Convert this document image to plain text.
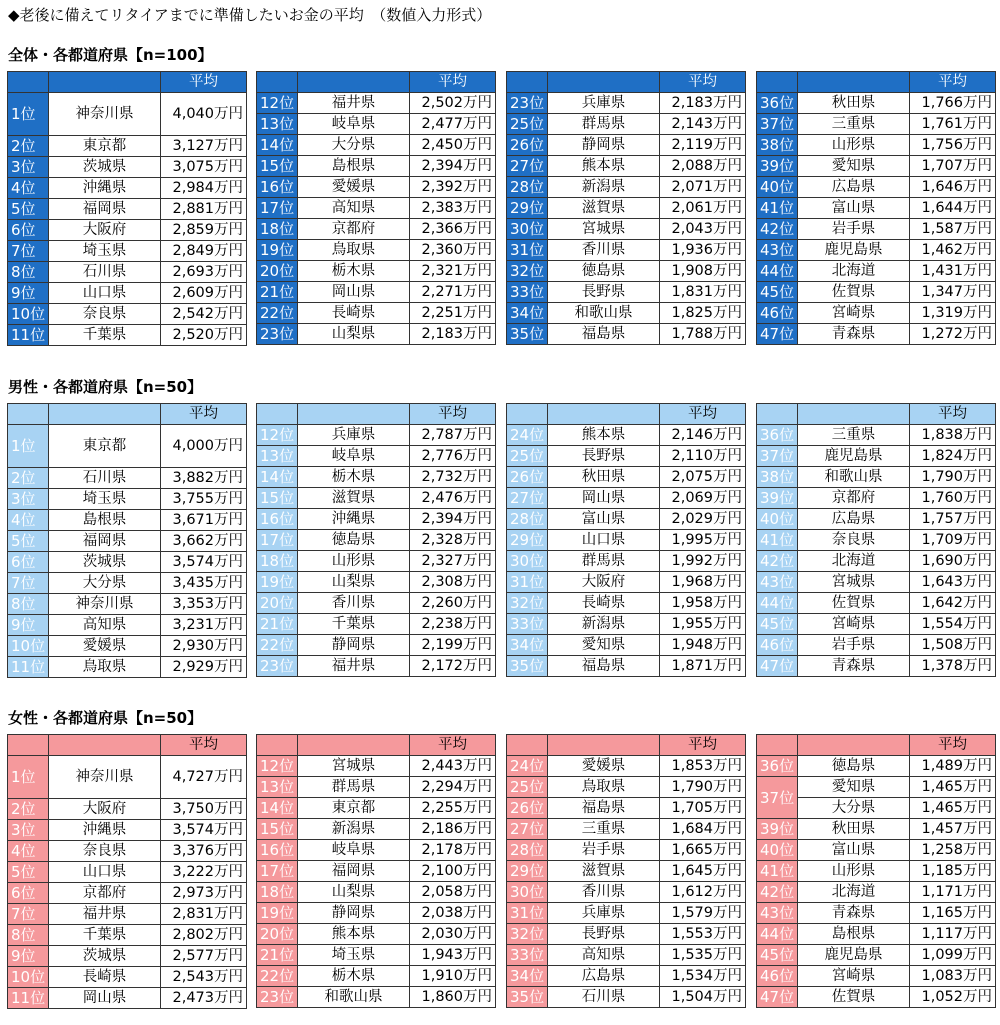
◆老後に備えてリタイアまでに準備したいお金の平均　（数値入力形式）
全体・各都道府県【n=100】
		平均
1位	神奈川県	4,040万円
2位	東京都	3,127万円
3位	茨城県	3,075万円
4位	沖縄県	2,984万円
5位	福岡県	2,881万円
6位	大阪府	2,859万円
7位	埼玉県	2,849万円
8位	石川県	2,693万円
9位	山口県	2,609万円
10位	奈良県	2,542万円
11位	千葉県	2,520万円
		平均
12位	福井県	2,502万円
13位	岐阜県	2,477万円
14位	大分県	2,450万円
15位	島根県	2,394万円
16位	愛媛県	2,392万円
17位	高知県	2,383万円
18位	京都府	2,366万円
19位	鳥取県	2,360万円
20位	栃木県	2,321万円
21位	岡山県	2,271万円
22位	長崎県	2,251万円
23位	山梨県	2,183万円
		平均
23位	兵庫県	2,183万円
25位	群馬県	2,143万円
26位	静岡県	2,119万円
27位	熊本県	2,088万円
28位	新潟県	2,071万円
29位	滋賀県	2,061万円
30位	宮城県	2,043万円
31位	香川県	1,936万円
32位	徳島県	1,908万円
33位	長野県	1,831万円
34位	和歌山県	1,825万円
35位	福島県	1,788万円
		平均
36位	秋田県	1,766万円
37位	三重県	1,761万円
38位	山形県	1,756万円
39位	愛知県	1,707万円
40位	広島県	1,646万円
41位	富山県	1,644万円
42位	岩手県	1,587万円
43位	鹿児島県	1,462万円
44位	北海道	1,431万円
45位	佐賀県	1,347万円
46位	宮崎県	1,319万円
47位	青森県	1,272万円
男性・各都道府県【n=50】
		平均
1位	東京都	4,000万円
2位	石川県	3,882万円
3位	埼玉県	3,755万円
4位	島根県	3,671万円
5位	福岡県	3,662万円
6位	茨城県	3,574万円
7位	大分県	3,435万円
8位	神奈川県	3,353万円
9位	高知県	3,231万円
10位	愛媛県	2,930万円
11位	鳥取県	2,929万円
		平均
12位	兵庫県	2,787万円
13位	岐阜県	2,776万円
14位	栃木県	2,732万円
15位	滋賀県	2,476万円
16位	沖縄県	2,394万円
17位	徳島県	2,328万円
18位	山形県	2,327万円
19位	山梨県	2,308万円
20位	香川県	2,260万円
21位	千葉県	2,238万円
22位	静岡県	2,199万円
23位	福井県	2,172万円
		平均
24位	熊本県	2,146万円
25位	長野県	2,110万円
26位	秋田県	2,075万円
27位	岡山県	2,069万円
28位	富山県	2,029万円
29位	山口県	1,995万円
30位	群馬県	1,992万円
31位	大阪府	1,968万円
32位	長崎県	1,958万円
33位	新潟県	1,955万円
34位	愛知県	1,948万円
35位	福島県	1,871万円
		平均
36位	三重県	1,838万円
37位	鹿児島県	1,824万円
38位	和歌山県	1,790万円
39位	京都府	1,760万円
40位	広島県	1,757万円
41位	奈良県	1,709万円
42位	北海道	1,690万円
43位	宮城県	1,643万円
44位	佐賀県	1,642万円
45位	宮崎県	1,554万円
46位	岩手県	1,508万円
47位	青森県	1,378万円
女性・各都道府県【n=50】
		平均
1位	神奈川県	4,727万円
2位	大阪府	3,750万円
3位	沖縄県	3,574万円
4位	奈良県	3,376万円
5位	山口県	3,222万円
6位	京都府	2,973万円
7位	福井県	2,831万円
8位	千葉県	2,802万円
9位	茨城県	2,577万円
10位	長崎県	2,543万円
11位	岡山県	2,473万円
		平均
12位	宮城県	2,443万円
13位	群馬県	2,294万円
14位	東京都	2,255万円
15位	新潟県	2,186万円
16位	岐阜県	2,178万円
17位	福岡県	2,100万円
18位	山梨県	2,058万円
19位	静岡県	2,038万円
20位	熊本県	2,030万円
21位	埼玉県	1,943万円
22位	栃木県	1,910万円
23位	和歌山県	1,860万円
		平均
24位	愛媛県	1,853万円
25位	鳥取県	1,790万円
26位	福島県	1,705万円
27位	三重県	1,684万円
28位	岩手県	1,665万円
29位	滋賀県	1,645万円
30位	香川県	1,612万円
31位	兵庫県	1,579万円
32位	長野県	1,553万円
33位	高知県	1,535万円
34位	広島県	1,534万円
35位	石川県	1,504万円
		平均
36位	徳島県	1,489万円
37位	愛知県	1,465万円
	大分県	1,465万円
39位	秋田県	1,457万円
40位	富山県	1,258万円
41位	山形県	1,185万円
42位	北海道	1,171万円
43位	青森県	1,165万円
44位	島根県	1,117万円
45位	鹿児島県	1,099万円
46位	宮崎県	1,083万円
47位	佐賀県	1,052万円
